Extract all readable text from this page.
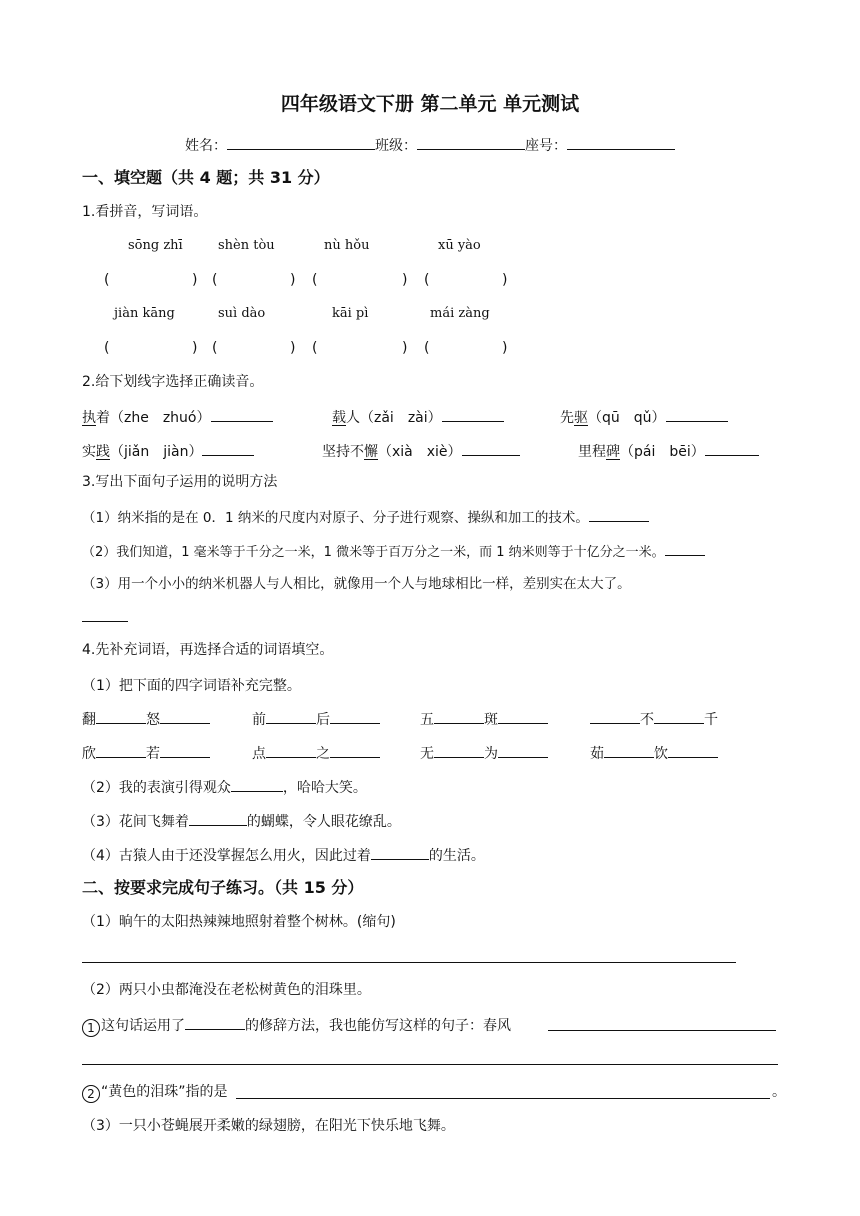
四年级语文下册 第二单元 单元测试
姓名：	班级：	座号：
一、填空题（共 4 题；共 31 分）
1.看拼音，写词语。
sōng zhī	shèn tòu	nù hǒu	xū yào
(	) (	) (	) (	)
jiàn kāng	suì dào	kāi pì	mái zàng
(	) (	) (	) (	)
2.给下划线字选择正确读音。
执着（zhe　zhuó）	载人（zǎi　zài）	先驱（qū　qǔ）
实践（jiǎn　jiàn）	坚持不懈（xià　xiè）	里程碑（pái　bēi）
3.写出下面句子运用的说明方法
（1）纳米指的是在 0．1 纳米的尺度内对原子、分子进行观察、操纵和加工的技术。
（2）我们知道，1 毫米等于千分之一米，1 微米等于百万分之一米，而 1 纳米则等于十亿分之一米。
（3）用一个小小的纳米机器人与人相比，就像用一个人与地球相比一样，差别实在太大了。
4.先补充词语，再选择合适的词语填空。
（1）把下面的四字词语补充完整。
翻	怒	前	后	五	斑	不	千
欣	若	点	之	无	为	茹	饮
（2）我的表演引得观众	，哈哈大笑。
（3）花间飞舞着	的蝴蝶，令人眼花缭乱。
（4）古猿人由于还没掌握怎么用火，因此过着	的生活。
二、按要求完成句子练习。（共 15 分）
（1）晌午的太阳热辣辣地照射着整个树林。(缩句)
（2）两只小虫都淹没在老松树黄色的泪珠里。
1 这句话运用了	的修辞方法，我也能仿写这样的句子：春风
2 “黄色的泪珠”指的是	。
（3）一只小苍蝇展开柔嫩的绿翅膀，在阳光下快乐地飞舞。
